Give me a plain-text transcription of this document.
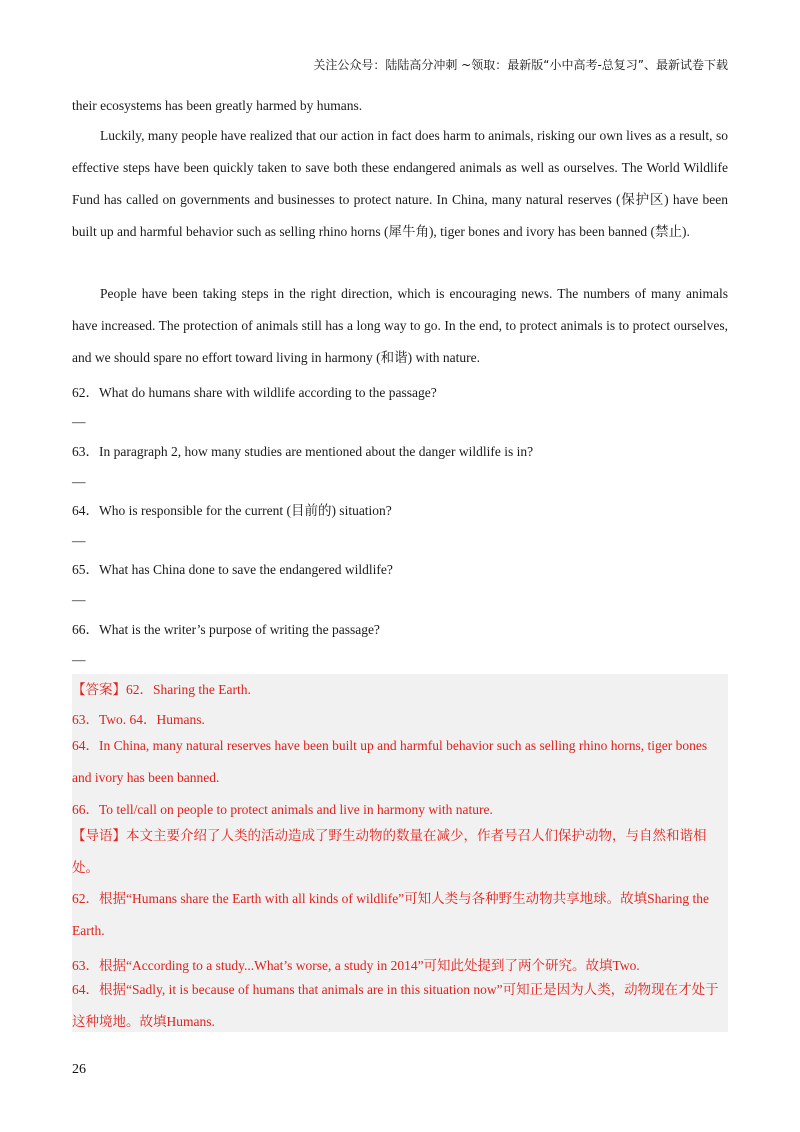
关注公众号：陆陆高分冲刺 ~领取：最新版“小中高考-总复习”、最新试卷下载
their ecosystems has been greatly harmed by humans.
Luckily, many people have realized that our action in fact does harm to animals, risking our own lives as a result, so effective steps have been quickly taken to save both these endangered animals as well as ourselves. The World Wildlife Fund has called on governments and businesses to protect nature. In China, many natural reserves (保护区) have been built up and harmful behavior such as selling rhino horns (犀牛角), tiger bones and ivory has been banned (禁止).
People have been taking steps in the right direction, which is encouraging news. The numbers of many animals have increased. The protection of animals still has a long way to go. In the end, to protect animals is to protect ourselves, and we should spare no effort toward living in harmony (和谐) with nature.
62．What do humans share with wildlife according to the passage?
—
63．In paragraph 2, how many studies are mentioned about the danger wildlife is in?
—
64．Who is responsible for the current (目前的) situation?
—
65．What has China done to save the endangered wildlife?
—
66．What is the writer’s purpose of writing the passage?
—
【答案】62．Sharing the Earth.
63．Two. 64．Humans.
64．In China, many natural reserves have been built up and harmful behavior such as selling rhino horns, tiger bones and ivory has been banned.
66．To tell/call on people to protect animals and live in harmony with nature.
【导语】本文主要介绍了人类的活动造成了野生动物的数量在减少，作者号召人们保护动物，与自然和谐相处。
62．根据“Humans share the Earth with all kinds of wildlife”可知人类与各种野生动物共享地球。故填Sharing the Earth.
63．根据“According to a study...What’s worse, a study in 2014”可知此处提到了两个研究。故填Two.
64．根据“Sadly, it is because of humans that animals are in this situation now”可知正是因为人类，动物现在才处于这种境地。故填Humans.
26
